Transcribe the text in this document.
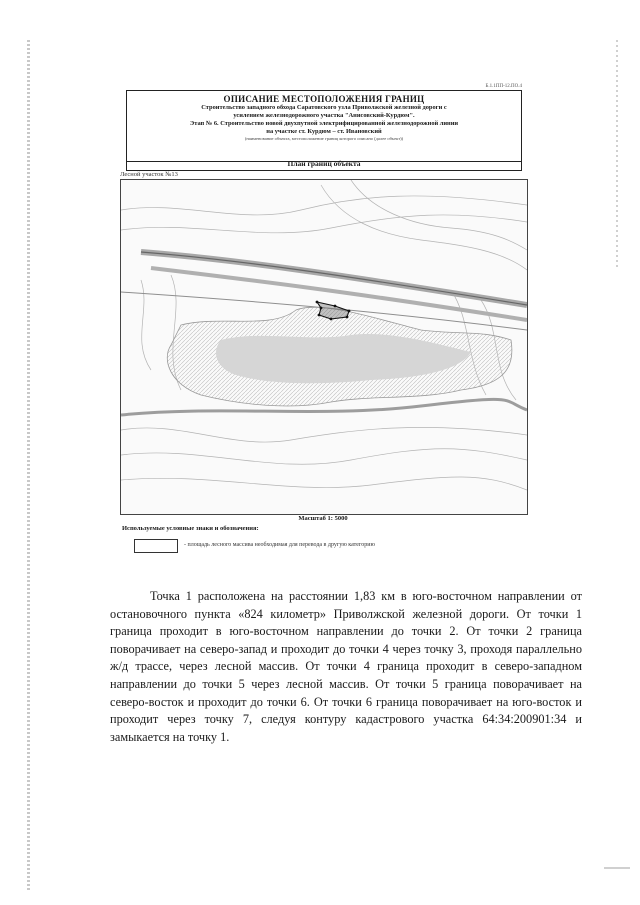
Б.1.1ПП-12.ПО.4
ОПИСАНИЕ МЕСТОПОЛОЖЕНИЯ ГРАНИЦ
Строительство западного обхода Саратовского узла Приволжской железной дороги с
усилением железнодорожного участка "Анисовский-Курдюм".
Этап № 6. Строительство новой двухпутной электрифицированной железнодорожной линии
на участке ст. Курдюм – ст. Ивановский
(наименование объекта, местоположение границ которого описано (далее объект))
План границ объекта
Лесной участок №13
Масштаб 1: 5000
Используемые условные знаки и обозначения:
- площадь лесного массива необходимая для перевода в другую категорию
Точка 1 расположена на расстоянии 1,83 км в юго-восточном направлении от остановочного пункта «824 километр» Приволжской железной дороги. От точки 1 граница проходит в юго-восточном направлении до точки 2. От точки 2 граница поворачивает на северо-запад и проходит до точки 4 через точку 3, проходя параллельно ж/д трассе, через лесной массив. От точки 4 граница проходит в северо-западном направлении до точки 5 через лесной массив. От точки 5 граница поворачивает на северо-восток и проходит до точки 6. От точки 6 граница поворачивает на юго-восток и проходит через точку 7, следуя контуру кадастрового участка 64:34:200901:34 и замыкается на точку 1.
